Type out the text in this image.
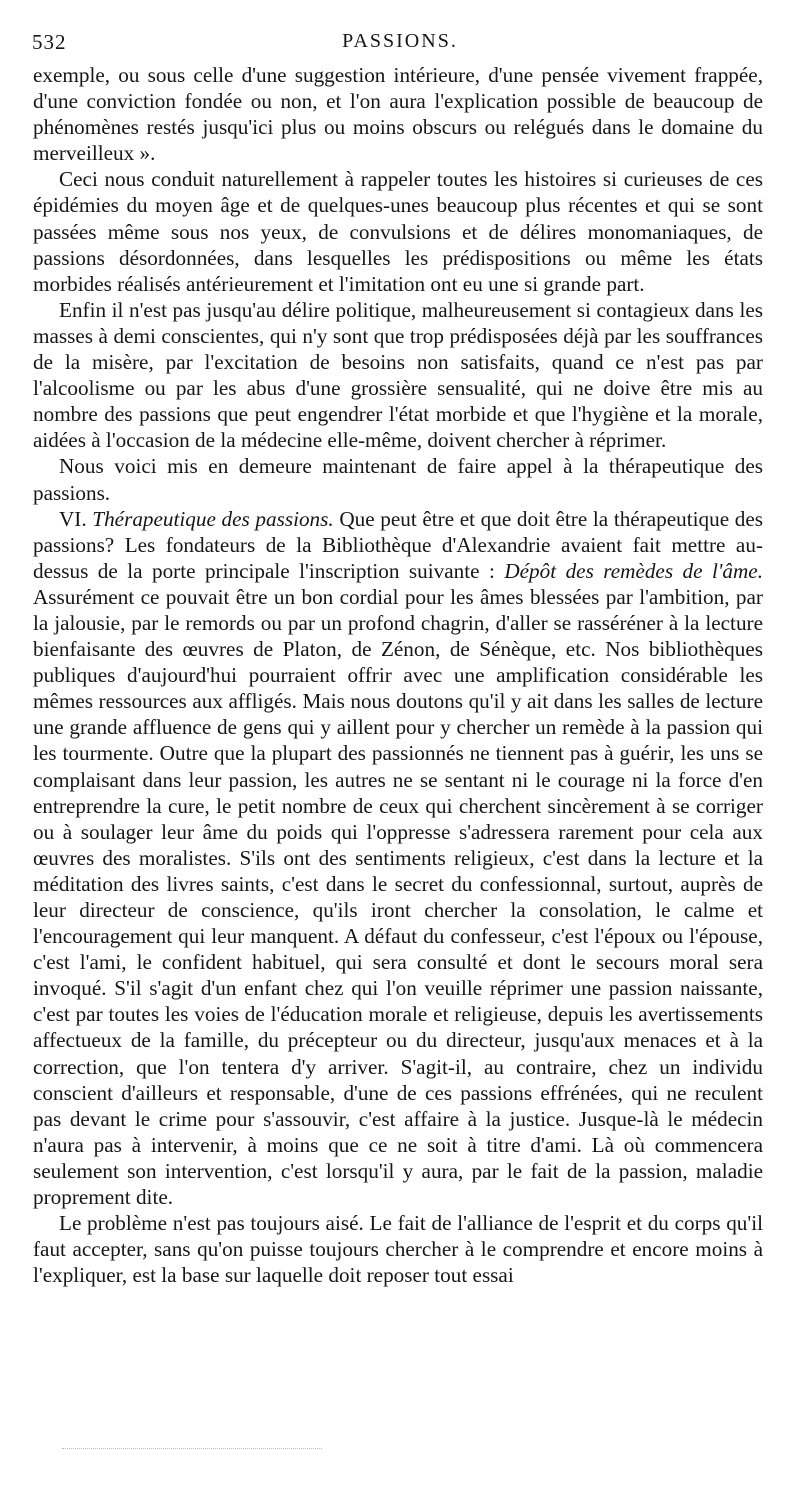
532	PASSIONS.

exemple, ou sous celle d'une suggestion intérieure, d'une pensée vivement frappée, d'une conviction fondée ou non, et l'on aura l'explication possible de beaucoup de phénomènes restés jusqu'ici plus ou moins obscurs ou relégués dans le domaine du merveilleux ».

Ceci nous conduit naturellement à rappeler toutes les histoires si curieuses de ces épidémies du moyen âge et de quelques-unes beaucoup plus récentes et qui se sont passées même sous nos yeux, de convulsions et de délires monomaniaques, de passions désordonnées, dans lesquelles les prédispositions ou même les états morbides réalisés antérieurement et l'imitation ont eu une si grande part.

Enfin il n'est pas jusqu'au délire politique, malheureusement si contagieux dans les masses à demi conscientes, qui n'y sont que trop prédisposées déjà par les souffrances de la misère, par l'excitation de besoins non satisfaits, quand ce n'est pas par l'alcoolisme ou par les abus d'une grossière sensualité, qui ne doive être mis au nombre des passions que peut engendrer l'état morbide et que l'hygiène et la morale, aidées à l'occasion de la médecine elle-même, doivent chercher à réprimer.

Nous voici mis en demeure maintenant de faire appel à la thérapeutique des passions.

VI. Thérapeutique des passions. Que peut être et que doit être la thérapeutique des passions? Les fondateurs de la Bibliothèque d'Alexandrie avaient fait mettre au-dessus de la porte principale l'inscription suivante : Dépôt des remèdes de l'âme. Assurément ce pouvait être un bon cordial pour les âmes blessées par l'ambition, par la jalousie, par le remords ou par un profond chagrin, d'aller se rasséréner à la lecture bienfaisante des œuvres de Platon, de Zénon, de Sénèque, etc. Nos bibliothèques publiques d'aujourd'hui pourraient offrir avec une amplification considérable les mêmes ressources aux affligés. Mais nous doutons qu'il y ait dans les salles de lecture une grande affluence de gens qui y aillent pour y chercher un remède à la passion qui les tourmente. Outre que la plupart des passionnés ne tiennent pas à guérir, les uns se complaisant dans leur passion, les autres ne se sentant ni le courage ni la force d'en entreprendre la cure, le petit nombre de ceux qui cherchent sincèrement à se corriger ou à soulager leur âme du poids qui l'oppresse s'adressera rarement pour cela aux œuvres des moralistes. S'ils ont des sentiments religieux, c'est dans la lecture et la méditation des livres saints, c'est dans le secret du confessionnal, surtout, auprès de leur directeur de conscience, qu'ils iront chercher la consolation, le calme et l'encouragement qui leur manquent. A défaut du confesseur, c'est l'époux ou l'épouse, c'est l'ami, le confident habituel, qui sera consulté et dont le secours moral sera invoqué. S'il s'agit d'un enfant chez qui l'on veuille réprimer une passion naissante, c'est par toutes les voies de l'éducation morale et religieuse, depuis les avertissements affectueux de la famille, du précepteur ou du directeur, jusqu'aux menaces et à la correction, que l'on tentera d'y arriver. S'agit-il, au contraire, chez un individu conscient d'ailleurs et responsable, d'une de ces passions effrénées, qui ne reculent pas devant le crime pour s'assouvir, c'est affaire à la justice. Jusque-là le médecin n'aura pas à intervenir, à moins que ce ne soit à titre d'ami. Là où commencera seulement son intervention, c'est lorsqu'il y aura, par le fait de la passion, maladie proprement dite.

Le problème n'est pas toujours aisé. Le fait de l'alliance de l'esprit et du corps qu'il faut accepter, sans qu'on puisse toujours chercher à le comprendre et encore moins à l'expliquer, est la base sur laquelle doit reposer tout essai
